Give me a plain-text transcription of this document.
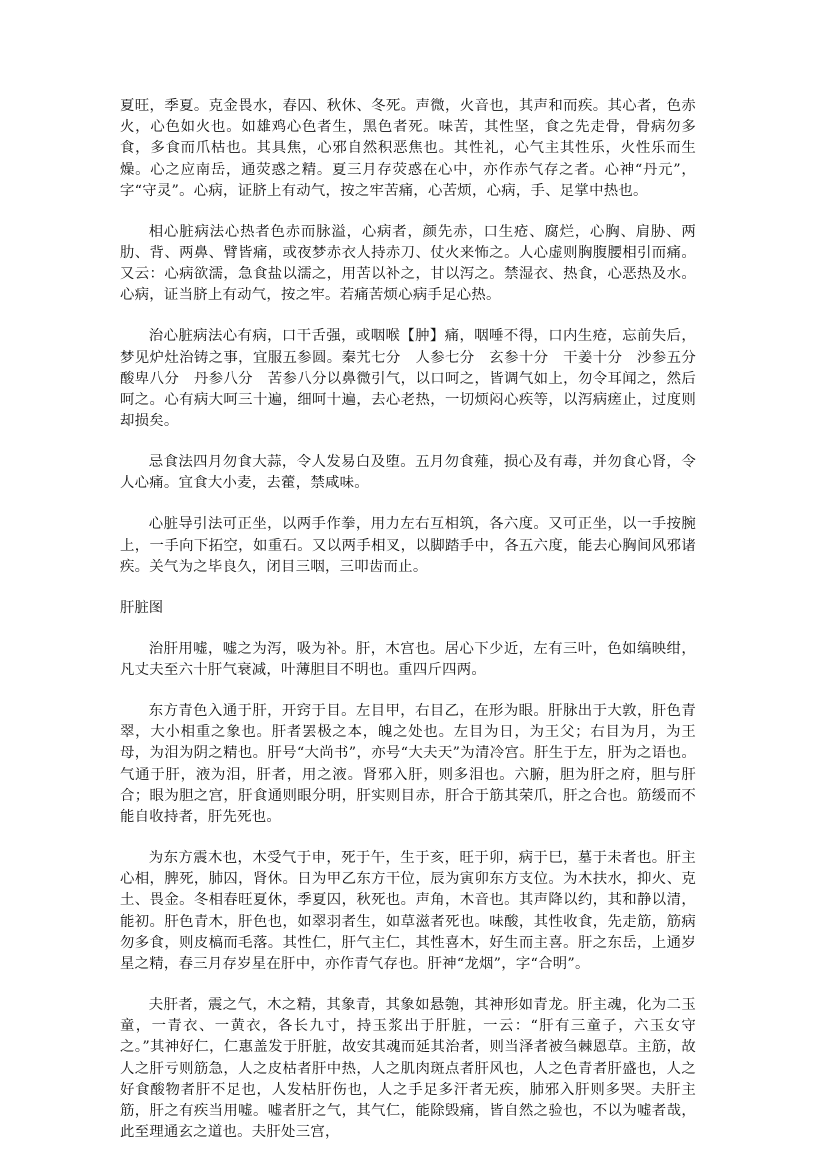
夏旺，季夏。克金畏水，春囚、秋休、冬死。声微，火音也，其声和而疾。其心者，色赤火，心色如火也。如雄鸡心色者生，黑色者死。味苦，其性坚，食之先走骨，骨病勿多食，多食而爪枯也。其具焦，心邪自然积恶焦也。其性礼，心气主其性乐，火性乐而生燥。心之应南岳，通荧惑之精。夏三月存荧惑在心中，亦作赤气存之者。心神“丹元”，字“守灵”。心病，证脐上有动气，按之牢苦痛，心苦烦，心病，手、足掌中热也。

相心脏病法心热者色赤而脉溢，心病者，颜先赤，口生疮、腐烂，心胸、肩胁、两肋、背、两鼻、臂皆痛，或夜梦赤衣人持赤刀、仗火来怖之。人心虚则胸腹腰相引而痛。又云：心病欲濡，急食盐以濡之，用苦以补之，甘以泻之。禁湿衣、热食，心恶热及水。心病，证当脐上有动气，按之牢。若痛苦烦心病手足心热。

治心脏病法心有病，口干舌强，或咽喉【肿】痛，咽唾不得，口内生疮，忘前失后，梦见炉灶治铸之事，宜服五参圆。秦艽七分　人参七分　玄参十分　干姜十分　沙参五分　酸卑八分　丹参八分　苦参八分以鼻微引气，以口呵之，皆调气如上，勿令耳闻之，然后呵之。心有病大呵三十遍，细呵十遍，去心老热，一切烦闷心疾等，以泻病瘥止，过度则却损矣。

忌食法四月勿食大蒜，令人发易白及堕。五月勿食薤，损心及有毒，并勿食心肾，令人心痛。宜食大小麦，去藿，禁咸味。

心脏导引法可正坐，以两手作拳，用力左右互相筑，各六度。又可正坐，以一手按腕上，一手向下拓空，如重石。又以两手相叉，以脚踏手中，各五六度，能去心胸间风邪诸疾。关气为之毕良久，闭目三咽，三叩齿而止。

肝脏图

治肝用嘘，嘘之为泻，吸为补。肝，木宫也。居心下少近，左有三叶，色如缟映绀，凡丈夫至六十肝气衰减，叶薄胆目不明也。重四斤四两。

东方青色入通于肝，开窍于目。左目甲，右目乙，在形为眼。肝脉出于大敦，肝色青翠，大小相重之象也。肝者罢极之本，魄之处也。左目为日，为王父；右目为月，为王母，为泪为阴之精也。肝号“大尚书”，亦号“大夫天”为清冷宫。肝生于左，肝为之语也。气通于肝，液为泪，肝者，用之液。肾邪入肝，则多泪也。六腑，胆为肝之府，胆与肝合；眼为胆之宫，肝食通则眼分明，肝实则目赤，肝合于筋其荣爪，肝之合也。筋缓而不能自收持者，肝先死也。

为东方震木也，木受气于申，死于午，生于亥，旺于卯，病于巳，墓于未者也。肝主心相，脾死，肺囚，肾休。日为甲乙东方干位，辰为寅卯东方支位。为木扶水，抑火、克土、畏金。冬相春旺夏休，季夏囚，秋死也。声角，木音也。其声降以约，其和静以清，能初。肝色青木，肝色也，如翠羽者生，如草滋者死也。味酸，其性收食，先走筋，筋病勿多食，则皮槁而毛落。其性仁，肝气主仁，其性喜木，好生而主喜。肝之东岳，上通岁星之精，春三月存岁星在肝中，亦作青气存也。肝神“龙烟”，字“合明”。

夫肝者，震之气，木之精，其象青，其象如悬匏，其神形如青龙。肝主魂，化为二玉童，一青衣、一黄衣，各长九寸，持玉浆出于肝脏，一云：“肝有三童子，六玉女守之。”其神好仁，仁惠盖发于肝脏，故安其魂而延其治者，则当泽者被刍棘恩草。主筋，故人之肝亏则筋急，人之皮枯者肝中热，人之肌肉斑点者肝风也，人之色青者肝盛也，人之好食酸物者肝不足也，人发枯肝伤也，人之手足多汗者无疾，肺邪入肝则多哭。夫肝主筋，肝之有疾当用嘘。嘘者肝之气，其气仁，能除毁痛，皆自然之验也，不以为嘘者哉，此至理通玄之道也。夫肝处三宫，
